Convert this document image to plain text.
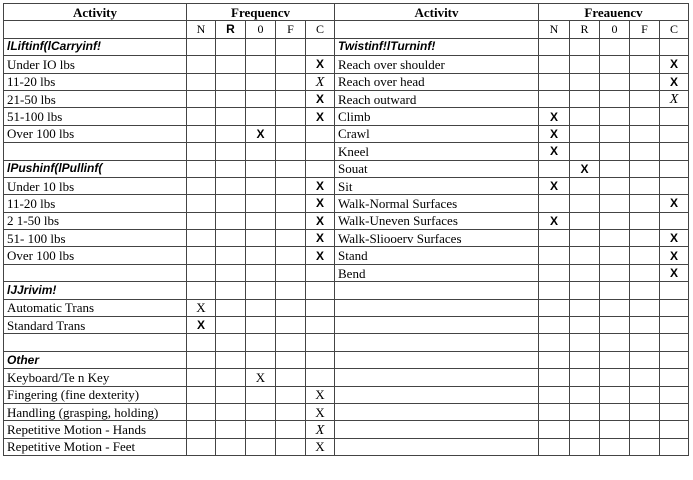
Activity	Frequencv					Activitv	Freauencv				
	N	R	0	F	C		N	R	0	F	C
lLiftinf(lCarryinf!						Twistinf!lTurninf!					
Under IO lbs					X	Reach over shoulder					X
11-20 lbs					X	Reach over head					X
21-50 lbs					X	Reach outward					X
51-100 lbs					X	Climb	X				
Over 100 lbs			X			Crawl	X				
						Kneel	X				
lPushinf(lPullinf(						Souat		X			
Under 10 lbs					X	Sit	X				
11-20 lbs					X	Walk-Normal Surfaces					X
2 1-50 lbs					X	Walk-Uneven Surfaces	X				
51- 100 lbs					X	Walk-Sliooerv Surfaces					X
Over 100 lbs					X	Stand					X
						Bend					X
lJJrivim!											
Automatic Trans	X										
Standard Trans	X										

Other											
Keyboard/Te n Key			X								
Fingering (fine dexterity)					X						
Handling (grasping, holding)					X						
Repetitive Motion - Hands					X						
Repetitive Motion - Feet					X						
